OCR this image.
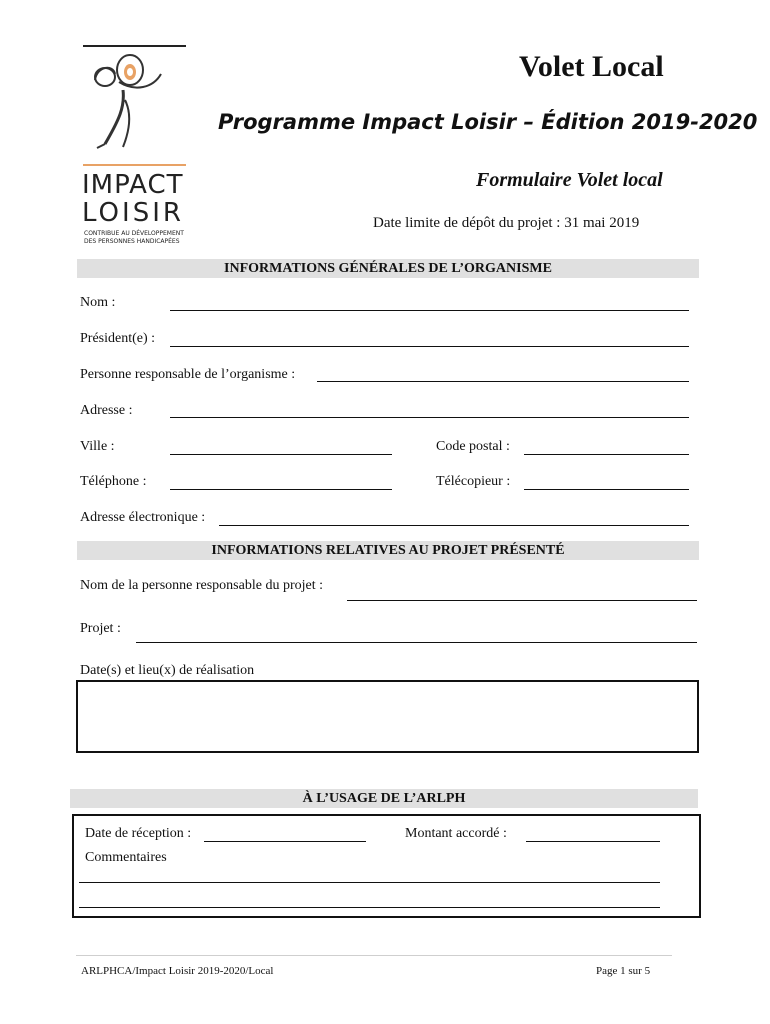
IMPACT
LOISIR
CONTRIBUE AU DÉVELOPPEMENT
DES PERSONNES HANDICAPÉES
Volet Local
Programme Impact Loisir – Édition 2019-2020
Formulaire Volet local
Date limite de dépôt du projet : 31 mai 2019
INFORMATIONS GÉNÉRALES DE L’ORGANISME
Nom :
Président(e) :
Personne responsable de l’organisme :
Adresse :
Ville :	Code postal :
Téléphone :	Télécopieur :
Adresse électronique :
INFORMATIONS RELATIVES AU PROJET PRÉSENTÉ
Nom de la personne responsable du projet :
Projet :
Date(s) et lieu(x) de réalisation
À L’USAGE DE L’ARLPH
Date de réception :	Montant accordé :
Commentaires
ARLPHCA/Impact Loisir 2019-2020/Local	Page 1 sur 5
